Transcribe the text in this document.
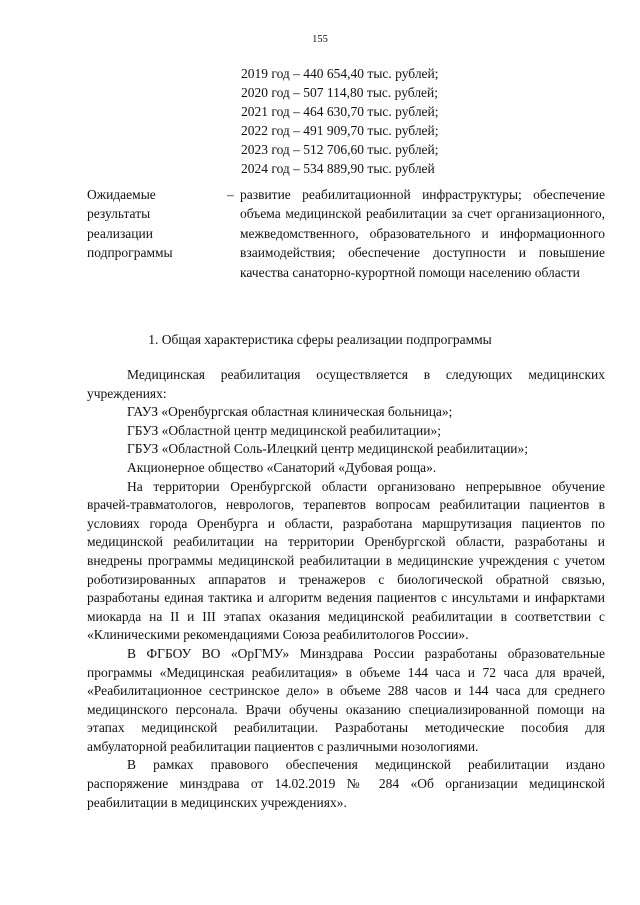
155
2019 год – 440 654,40 тыс. рублей;
2020 год – 507 114,80 тыс. рублей;
2021 год – 464 630,70 тыс. рублей;
2022 год – 491 909,70 тыс. рублей;
2023 год – 512 706,60 тыс. рублей;
2024 год – 534 889,90 тыс. рублей
Ожидаемые результаты реализации подпрограммы
– развитие реабилитационной инфраструктуры; обеспечение объема медицинской реабилитации за счет организационного, межведомственного, образовательного и информационного взаимодействия; обеспечение доступности и повышение качества санаторно-курортной помощи населению области
1. Общая характеристика сферы реализации подпрограммы

Медицинская реабилитация осуществляется в следующих медицинских учреждениях:

ГАУЗ «Оренбургская областная клиническая больница»;

ГБУЗ «Областной центр медицинской реабилитации»;

ГБУЗ «Областной Соль-Илецкий центр медицинской реабилитации»;

Акционерное общество «Санаторий «Дубовая роща».

На территории Оренбургской области организовано непрерывное обучение врачей-травматологов, неврологов, терапевтов вопросам реабилитации пациентов в условиях города Оренбурга и области, разработана маршрутизация пациентов по медицинской реабилитации на территории Оренбургской области, разработаны и внедрены программы медицинской реабилитации в медицинские учреждения с учетом роботизированных аппаратов и тренажеров с биологической обратной связью, разработаны единая тактика и алгоритм ведения пациентов с инсультами и инфарктами миокарда на II и III этапах оказания медицинской реабилитации в соответствии с «Клиническими рекомендациями Союза реабилитологов России».

В ФГБОУ ВО «ОрГМУ» Минздрава России разработаны образовательные программы «Медицинская реабилитация» в объеме 144 часа и 72 часа для врачей, «Реабилитационное сестринское дело» в объеме 288 часов и 144 часа для среднего медицинского персонала. Врачи обучены оказанию специализированной помощи на этапах медицинской реабилитации. Разработаны методические пособия для амбулаторной реабилитации пациентов с различными нозологиями.

В рамках правового обеспечения медицинской реабилитации издано распоряжение минздрава от 14.02.2019 № 284 «Об организации медицинской реабилитации в медицинских учреждениях».
